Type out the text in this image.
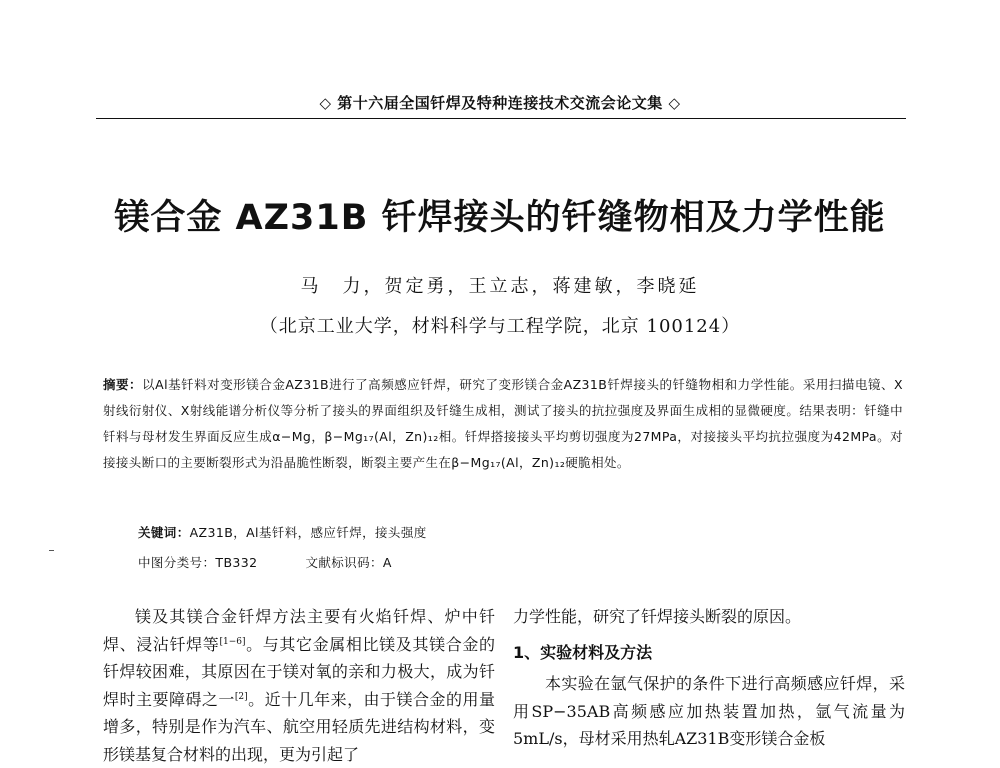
◇ 第十六届全国钎焊及特种连接技术交流会论文集 ◇
镁合金 AZ31B 钎焊接头的钎缝物相及力学性能
马　力，贺定勇，王立志，蒋建敏，李晓延
（北京工业大学，材料科学与工程学院，北京 100124）
摘要：以Al基钎料对变形镁合金AZ31B进行了高频感应钎焊，研究了变形镁合金AZ31B钎焊接头的钎缝物相和力学性能。采用扫描电镜、X射线衍射仪、X射线能谱分析仪等分析了接头的界面组织及钎缝生成相，测试了接头的抗拉强度及界面生成相的显微硬度。结果表明：钎缝中钎料与母材发生界面反应生成α−Mg，β−Mg₁₇(Al，Zn)₁₂相。钎焊搭接接头平均剪切强度为27MPa，对接接头平均抗拉强度为42MPa。对接接头断口的主要断裂形式为沿晶脆性断裂，断裂主要产生在β−Mg₁₇(Al，Zn)₁₂硬脆相处。
关键词：AZ31B，Al基钎料，感应钎焊，接头强度
中图分类号：TB332	文献标识码：A

镁及其镁合金钎焊方法主要有火焰钎焊、炉中钎焊、浸沾钎焊等[1−6]。与其它金属相比镁及其镁合金的钎焊较困难，其原因在于镁对氧的亲和力极大，成为钎焊时主要障碍之一[2]。近十几年来，由于镁合金的用量增多，特别是作为汽车、航空用轻质先进结构材料，变形镁基复合材料的出现，更为引起了

力学性能，研究了钎焊接头断裂的原因。

1、实验材料及方法

本实验在氩气保护的条件下进行高频感应钎焊，采用SP−35AB高频感应加热装置加热，氩气流量为5mL/s，母材采用热轧AZ31B变形镁合金板
